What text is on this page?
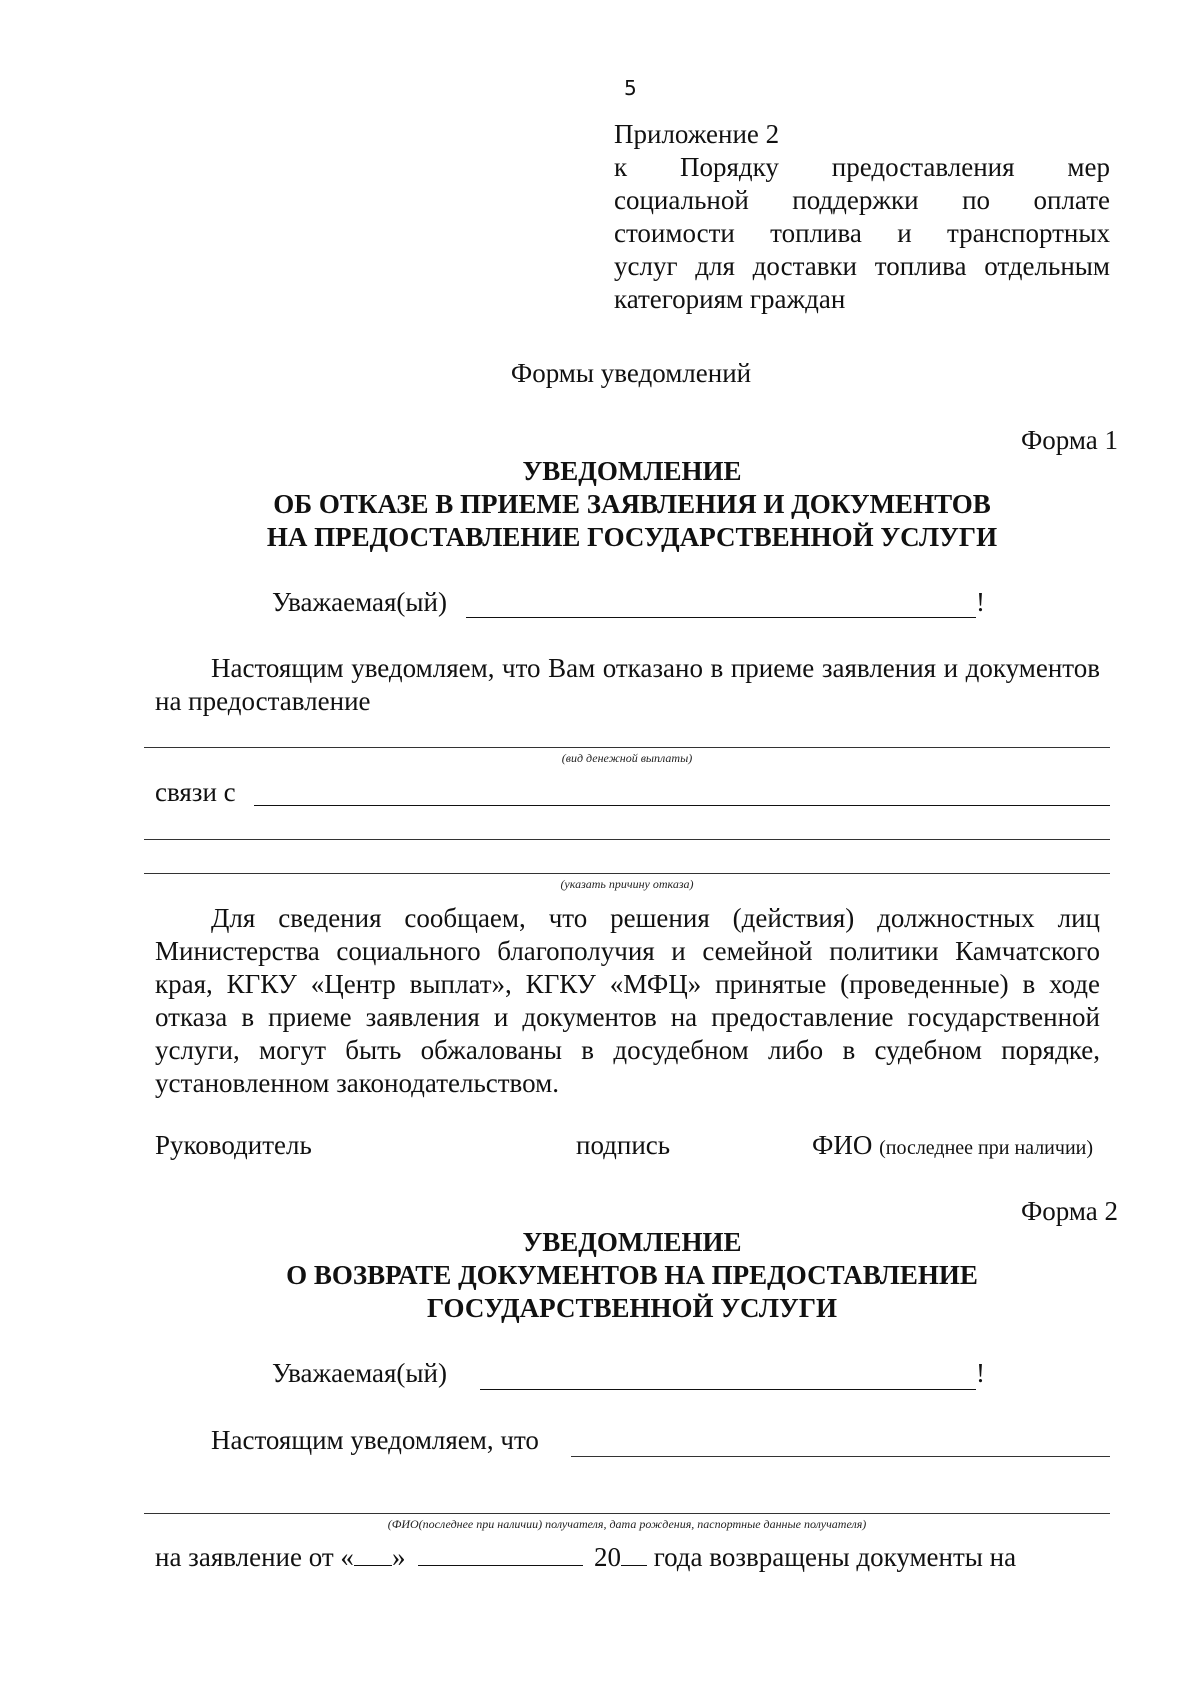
5
Приложение 2
к Порядку предоставления мер
социальной поддержки по оплате
стоимости топлива и транспортных
услуг для доставки топлива отдельным
категориям граждан
Формы уведомлений
Форма 1
УВЕДОМЛЕНИЕ
ОБ ОТКАЗЕ В ПРИЕМЕ ЗАЯВЛЕНИЯ И ДОКУМЕНТОВ
НА ПРЕДОСТАВЛЕНИЕ ГОСУДАРСТВЕННОЙ УСЛУГИ
Уважаемая(ый)	!
Настоящим уведомляем, что Вам отказано в приеме заявления и документов на предоставление
(вид денежной выплаты)
связи с
(указать причину отказа)
Для сведения сообщаем, что решения (действия) должностных лиц Министерства социального благополучия и семейной политики Камчатского края, КГКУ «Центр выплат», КГКУ «МФЦ» принятые (проведенные) в ходе отказа в приеме заявления и документов на предоставление государственной услуги, могут быть обжалованы в досудебном либо в судебном порядке, установленном законодательством.
Руководитель	подпись	ФИО (последнее при наличии)
Форма 2
УВЕДОМЛЕНИЕ
О ВОЗВРАТЕ ДОКУМЕНТОВ НА ПРЕДОСТАВЛЕНИЕ
ГОСУДАРСТВЕННОЙ УСЛУГИ
Уважаемая(ый)	!
Настоящим уведомляем, что
(ФИО(последнее при наличии) получателя, дата рождения, паспортные данные получателя)
на заявление от « »	20 года возвращены документы на
